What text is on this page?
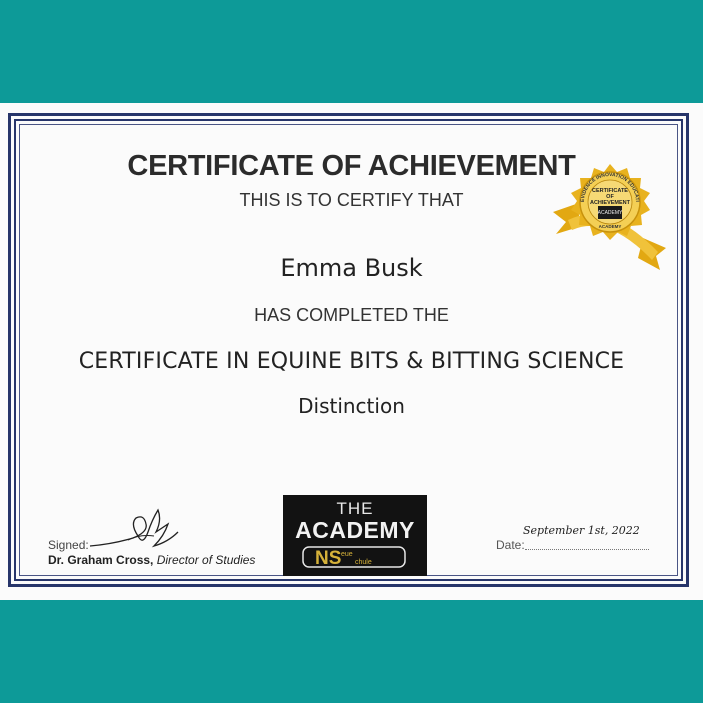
CERTIFICATE OF ACHIEVEMENT
THIS IS TO CERTIFY THAT
Emma Busk
HAS COMPLETED THE
CERTIFICATE IN EQUINE BITS & BITTING SCIENCE
Distinction
EVIDENCE INNOVATION EDUCATI
CERTIFICATE
OF
ACHIEVEMENT
ACADEMY
ACADEMY
Signed:
Dr. Graham Cross, Director of Studies
THE
ACADEMY
NS eue
chule
September 1st, 2022
Date:
